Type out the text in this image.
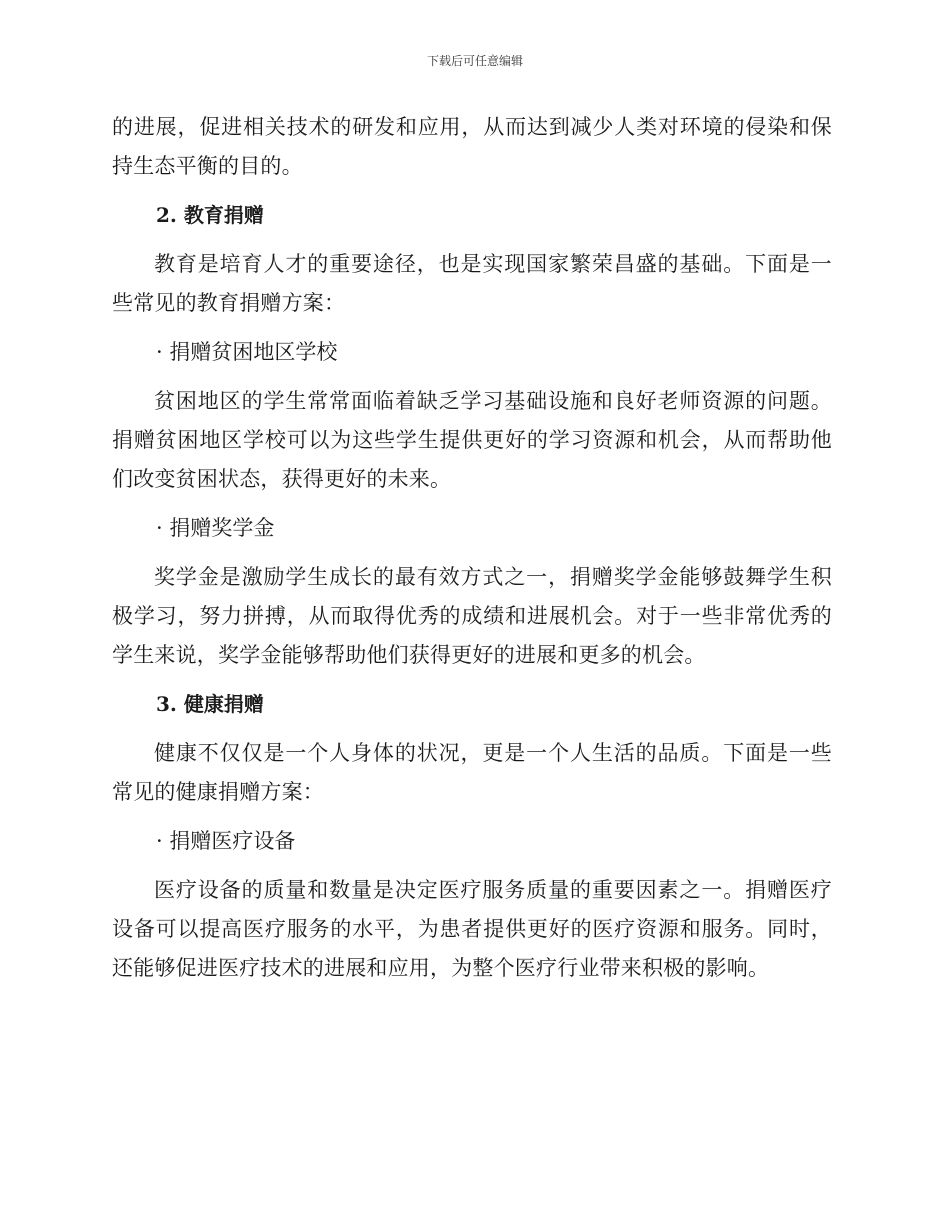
下载后可任意编辑

的进展，促进相关技术的研发和应用，从而达到减少人类对环境的侵染和保持生态平衡的目的。

2. 教育捐赠

教育是培育人才的重要途径，也是实现国家繁荣昌盛的基础。下面是一些常见的教育捐赠方案：

· 捐赠贫困地区学校

贫困地区的学生常常面临着缺乏学习基础设施和良好老师资源的问题。捐赠贫困地区学校可以为这些学生提供更好的学习资源和机会，从而帮助他们改变贫困状态，获得更好的未来。

· 捐赠奖学金

奖学金是激励学生成长的最有效方式之一，捐赠奖学金能够鼓舞学生积极学习，努力拼搏，从而取得优秀的成绩和进展机会。对于一些非常优秀的学生来说，奖学金能够帮助他们获得更好的进展和更多的机会。

3. 健康捐赠

健康不仅仅是一个人身体的状况，更是一个人生活的品质。下面是一些常见的健康捐赠方案：

· 捐赠医疗设备

医疗设备的质量和数量是决定医疗服务质量的重要因素之一。捐赠医疗设备可以提高医疗服务的水平，为患者提供更好的医疗资源和服务。同时，还能够促进医疗技术的进展和应用，为整个医疗行业带来积极的影响。
